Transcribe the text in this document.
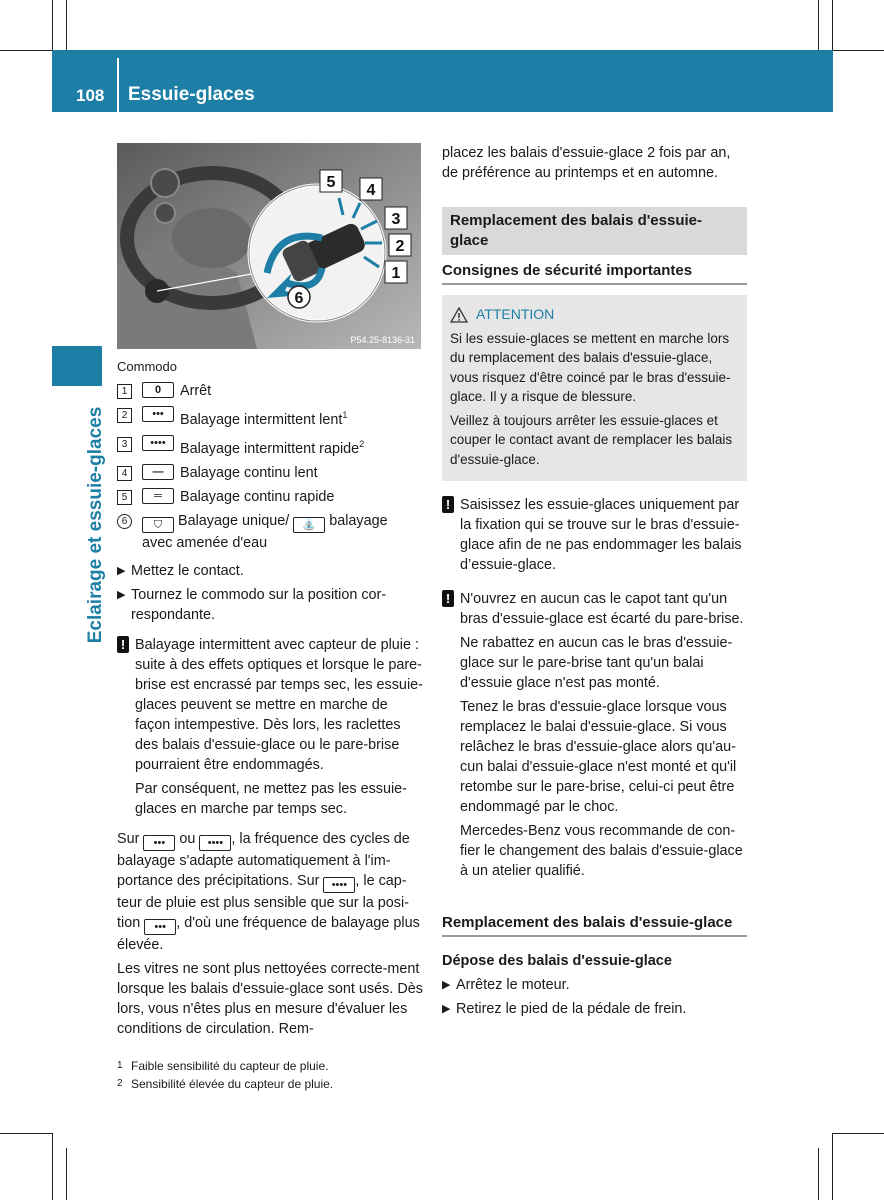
108 Essuie-glaces
Eclairage et essuie-glaces
5 4
3
2
1
6
P54.25-8136-31
Commodo
1	0	Arrêt
2	•••	Balayage intermittent lent$^1$
3	•••• Balayage intermittent rapide$^2$
4	—	Balayage continu lent
5	═	Balayage continu rapide
6	⛉ Balayage unique/ ⛲ balayage
avec amenée d'eau
▶ Mettez le contact.
▶ Tournez le commodo sur la position cor-respondante.
! Balayage intermittent avec capteur de pluie : suite à des effets optiques et lorsque le pare-brise est encrassé par temps sec, les essuie-glaces peuvent se mettre en marche de façon intempestive. Dès lors, les raclettes des balais d'essuie-glace ou le pare-brise pourraient être endommagés.

Par conséquent, ne mettez pas les essuie-glaces en marche par temps sec.

Sur ••• ou •••• , la fréquence des cycles de balayage s'adapte automatiquement à l'im-portance des précipitations. Sur •••• , le cap-teur de pluie est plus sensible que sur la posi-tion ••• , d'où une fréquence de balayage plus élevée.

Les vitres ne sont plus nettoyées correcte-ment lorsque les balais d'essuie-glace sont usés. Dès lors, vous n'êtes plus en mesure d'évaluer les conditions de circulation. Rem-

placez les balais d'essuie-glace 2 fois par an, de préférence au printemps et en automne.

Remplacement des balais d'essuie-glace
Consignes de sécurité importantes
ATTENTION

Si les essuie-glaces se mettent en marche lors du remplacement des balais d'essuie-glace, vous risquez d'être coincé par le bras d'essuie-glace. Il y a risque de blessure.

Veillez à toujours arrêter les essuie-glaces et couper le contact avant de remplacer les balais d'essuie-glace.

! Saisissez les essuie-glaces uniquement par la fixation qui se trouve sur le bras d'essuie-glace afin de ne pas endommager les balais d’essuie-glace.

! N'ouvrez en aucun cas le capot tant qu'un bras d'essuie-glace est écarté du pare-brise.

Ne rabattez en aucun cas le bras d'essuie-glace sur le pare-brise tant qu'un balai d'essuie glace n'est pas monté.

Tenez le bras d'essuie-glace lorsque vous remplacez le balai d'essuie-glace. Si vous relâchez le bras d'essuie-glace alors qu'au-cun balai d'essuie-glace n'est monté et qu'il retombe sur le pare-brise, celui-ci peut être endommagé par le choc.

Mercedes-Benz vous recommande de con-fier le changement des balais d'essuie-glace à un atelier qualifié.

Remplacement des balais d'essuie-glace
Dépose des balais d'essuie-glace
▶ Arrêtez le moteur.
▶ Retirez le pied de la pédale de frein.
1 Faible sensibilité du capteur de pluie.
2 Sensibilité élevée du capteur de pluie.
